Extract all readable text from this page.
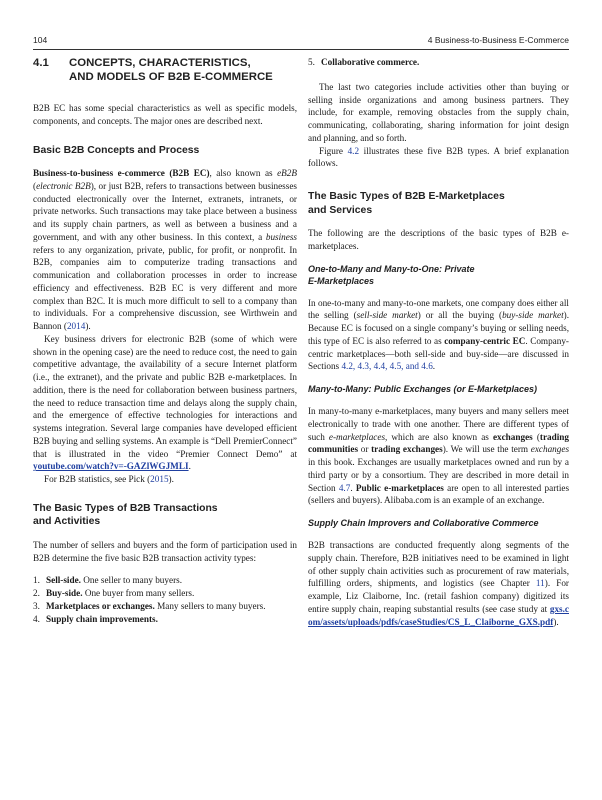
104	4 Business-to-Business E-Commerce
4.1 CONCEPTS, CHARACTERISTICS,
AND MODELS OF B2B E-COMMERCE

B2B EC has some special characteristics as well as specific models, components, and concepts. The major ones are described next.

Basic B2B Concepts and Process

Business-to-business e-commerce (B2B EC), also known as eB2B (electronic B2B), or just B2B, refers to transactions between businesses conducted electronically over the Internet, extranets, intranets, or private networks. Such transactions may take place between a business and its supply chain partners, as well as between a business and a government, and with any other business. In this context, a business refers to any organization, private, public, for profit, or nonprofit. In B2B, companies aim to computerize trading transactions and communication and collaboration processes in order to increase efficiency and effectiveness. B2B EC is very different and more complex than B2C. It is much more difficult to sell to a company than to individuals. For a comprehensive discussion, see Wirthwein and Bannon (2014).

Key business drivers for electronic B2B (some of which were shown in the opening case) are the need to reduce cost, the need to gain competitive advantage, the availability of a secure Internet platform (i.e., the extranet), and the private and public B2B e-marketplaces. In addition, there is the need for collaboration between business partners, the need to reduce transaction time and delays along the supply chain, and the emergence of effective technologies for interactions and systems integration. Several large companies have developed efficient B2B buying and selling systems. An example is “Dell PremierConnect” that is illustrated in the video “Premier Connect Demo” at youtube.com/watch?v=-GAZlWGJMLI.

For B2B statistics, see Pick (2015).

The Basic Types of B2B Transactions
and Activities

The number of sellers and buyers and the form of participation used in B2B determine the five basic B2B transaction activity types:

1. Sell-side. One seller to many buyers.
2. Buy-side. One buyer from many sellers.
3. Marketplaces or exchanges. Many sellers to many buyers.
4. Supply chain improvements.
5. Collaborative commerce.

The last two categories include activities other than buying or selling inside organizations and among business partners. They include, for example, removing obstacles from the supply chain, communicating, collaborating, sharing information for joint design and planning, and so forth.

Figure 4.2 illustrates these five B2B types. A brief explanation follows.

The Basic Types of B2B E-Marketplaces
and Services

The following are the descriptions of the basic types of B2B e-marketplaces.

One-to-Many and Many-to-One: Private
E-Marketplaces

In one-to-many and many-to-one markets, one company does either all the selling (sell-side market) or all the buying (buy-side market). Because EC is focused on a single company’s buying or selling needs, this type of EC is also referred to as company-centric EC. Company-centric marketplaces—both sell-side and buy-side—are discussed in Sections 4.2, 4.3, 4.4, 4.5, and 4.6.

Many-to-Many: Public Exchanges (or E-Marketplaces)

In many-to-many e-marketplaces, many buyers and many sellers meet electronically to trade with one another. There are different types of such e-marketplaces, which are also known as exchanges (trading communities or trading exchanges). We will use the term exchanges in this book. Exchanges are usually marketplaces owned and run by a third party or by a consortium. They are described in more detail in Section 4.7. Public e-marketplaces are open to all interested parties (sellers and buyers). Alibaba.com is an example of an exchange.

Supply Chain Improvers and Collaborative Commerce

B2B transactions are conducted frequently along segments of the supply chain. Therefore, B2B initiatives need to be examined in light of other supply chain activities such as procurement of raw materials, fulfilling orders, shipments, and logistics (see Chapter 11). For example, Liz Claiborne, Inc. (retail fashion company) digitized its entire supply chain, reaping substantial results (see case study at gxs.com/assets/uploads/pdfs/caseStudies/CS_L_Claiborne_GXS.pdf).
